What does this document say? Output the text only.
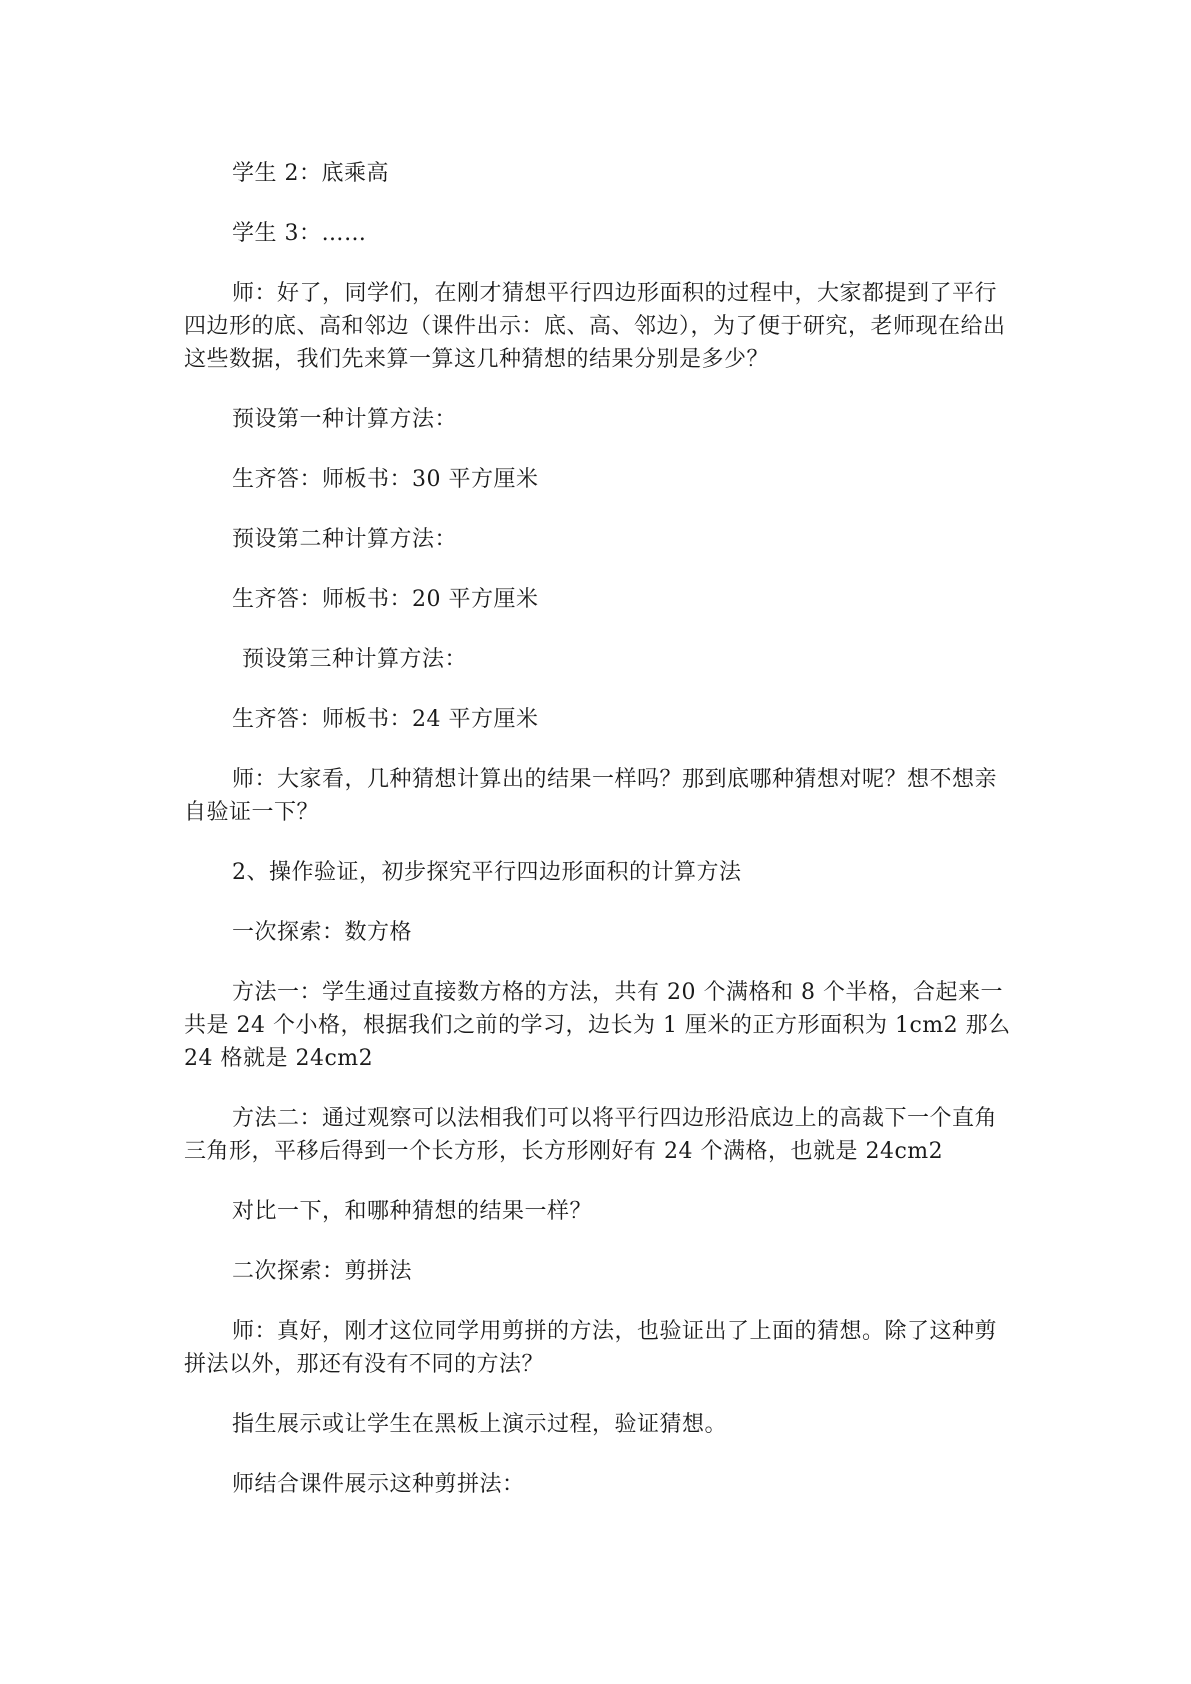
学生 2：底乘高

学生 3：……

师：好了，同学们，在刚才猜想平行四边形面积的过程中，大家都提到了平行四边形的底、高和邻边（课件出示：底、高、邻边），为了便于研究，老师现在给出这些数据，我们先来算一算这几种猜想的结果分别是多少？

预设第一种计算方法：

生齐答：师板书：30 平方厘米

预设第二种计算方法：

生齐答：师板书：20 平方厘米

预设第三种计算方法：

生齐答：师板书：24 平方厘米

师：大家看，几种猜想计算出的结果一样吗？那到底哪种猜想对呢？想不想亲自验证一下？

2、操作验证，初步探究平行四边形面积的计算方法

一次探索：数方格

方法一：学生通过直接数方格的方法，共有 20 个满格和 8 个半格，合起来一共是 24 个小格，根据我们之前的学习，边长为 1 厘米的正方形面积为 1cm2 那么 24 格就是 24cm2

方法二：通过观察可以法相我们可以将平行四边形沿底边上的高裁下一个直角三角形，平移后得到一个长方形，长方形刚好有 24 个满格，也就是 24cm2

对比一下，和哪种猜想的结果一样？

二次探索：剪拼法

师：真好，刚才这位同学用剪拼的方法，也验证出了上面的猜想。除了这种剪拼法以外，那还有没有不同的方法？

指生展示或让学生在黑板上演示过程，验证猜想。

师结合课件展示这种剪拼法：
